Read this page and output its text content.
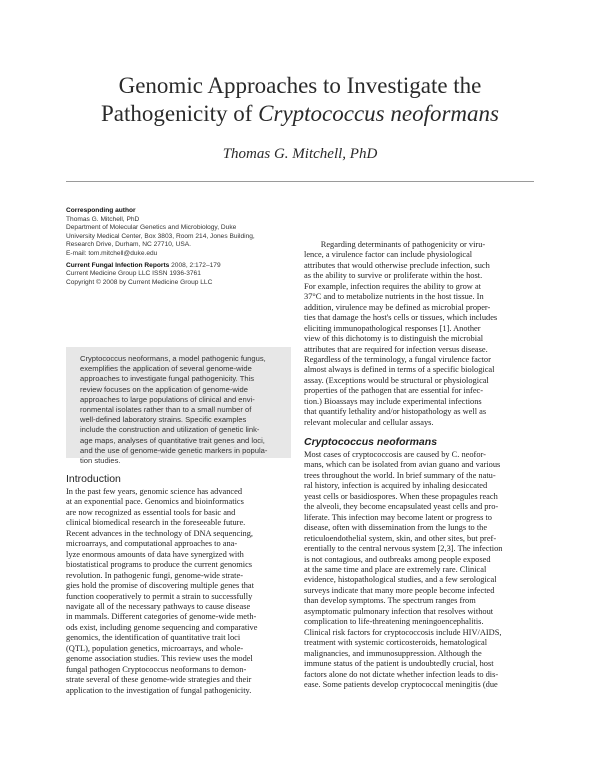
Genomic Approaches to Investigate the
Pathogenicity of Cryptococcus neoformans
Thomas G. Mitchell, PhD
Corresponding author
Thomas G. Mitchell, PhD
Department of Molecular Genetics and Microbiology, Duke
University Medical Center, Box 3803, Room 214, Jones Building,
Research Drive, Durham, NC 27710, USA.
E-mail: tom.mitchell@duke.edu
Current Fungal Infection Reports 2008, 2:172–179
Current Medicine Group LLC ISSN 1936-3761
Copyright © 2008 by Current Medicine Group LLC
Cryptococcus neoformans, a model pathogenic fungus,
exemplifies the application of several genome-wide
approaches to investigate fungal pathogenicity. This
review focuses on the application of genome-wide
approaches to large populations of clinical and envi-
ronmental isolates rather than to a small number of
well-defined laboratory strains. Specific examples
include the construction and utilization of genetic link-
age maps, analyses of quantitative trait genes and loci,
and the use of genome-wide genetic markers in popula-
tion studies.
Introduction
In the past few years, genomic science has advanced
at an exponential pace. Genomics and bioinformatics
are now recognized as essential tools for basic and
clinical biomedical research in the foreseeable future.
Recent advances in the technology of DNA sequencing,
microarrays, and computational approaches to ana-
lyze enormous amounts of data have synergized with
biostatistical programs to produce the current genomics
revolution. In pathogenic fungi, genome-wide strate-
gies hold the promise of discovering multiple genes that
function cooperatively to permit a strain to successfully
navigate all of the necessary pathways to cause disease
in mammals. Different categories of genome-wide meth-
ods exist, including genome sequencing and comparative
genomics, the identification of quantitative trait loci
(QTL), population genetics, microarrays, and whole-
genome association studies. This review uses the model
fungal pathogen Cryptococcus neoformans to demon-
strate several of these genome-wide strategies and their
application to the investigation of fungal pathogenicity.
Regarding determinants of pathogenicity or viru-
lence, a virulence factor can include physiological
attributes that would otherwise preclude infection, such
as the ability to survive or proliferate within the host.
For example, infection requires the ability to grow at
37°C and to metabolize nutrients in the host tissue. In
addition, virulence may be defined as microbial proper-
ties that damage the host's cells or tissues, which includes
eliciting immunopathological responses [1]. Another
view of this dichotomy is to distinguish the microbial
attributes that are required for infection versus disease.
Regardless of the terminology, a fungal virulence factor
almost always is defined in terms of a specific biological
assay. (Exceptions would be structural or physiological
properties of the pathogen that are essential for infec-
tion.) Bioassays may include experimental infections
that quantify lethality and/or histopathology as well as
relevant molecular and cellular assays.
Cryptococcus neoformans
Most cases of cryptococcosis are caused by C. neofor-
mans, which can be isolated from avian guano and various
trees throughout the world. In brief summary of the natu-
ral history, infection is acquired by inhaling desiccated
yeast cells or basidiospores. When these propagules reach
the alveoli, they become encapsulated yeast cells and pro-
liferate. This infection may become latent or progress to
disease, often with dissemination from the lungs to the
reticuloendothelial system, skin, and other sites, but pref-
erentially to the central nervous system [2,3]. The infection
is not contagious, and outbreaks among people exposed
at the same time and place are extremely rare. Clinical
evidence, histopathological studies, and a few serological
surveys indicate that many more people become infected
than develop symptoms. The spectrum ranges from
asymptomatic pulmonary infection that resolves without
complication to life-threatening meningoencephalitis.
Clinical risk factors for cryptococcosis include HIV/AIDS,
treatment with systemic corticosteroids, hematological
malignancies, and immunosuppression. Although the
immune status of the patient is undoubtedly crucial, host
factors alone do not dictate whether infection leads to dis-
ease. Some patients develop cryptococcal meningitis (due
